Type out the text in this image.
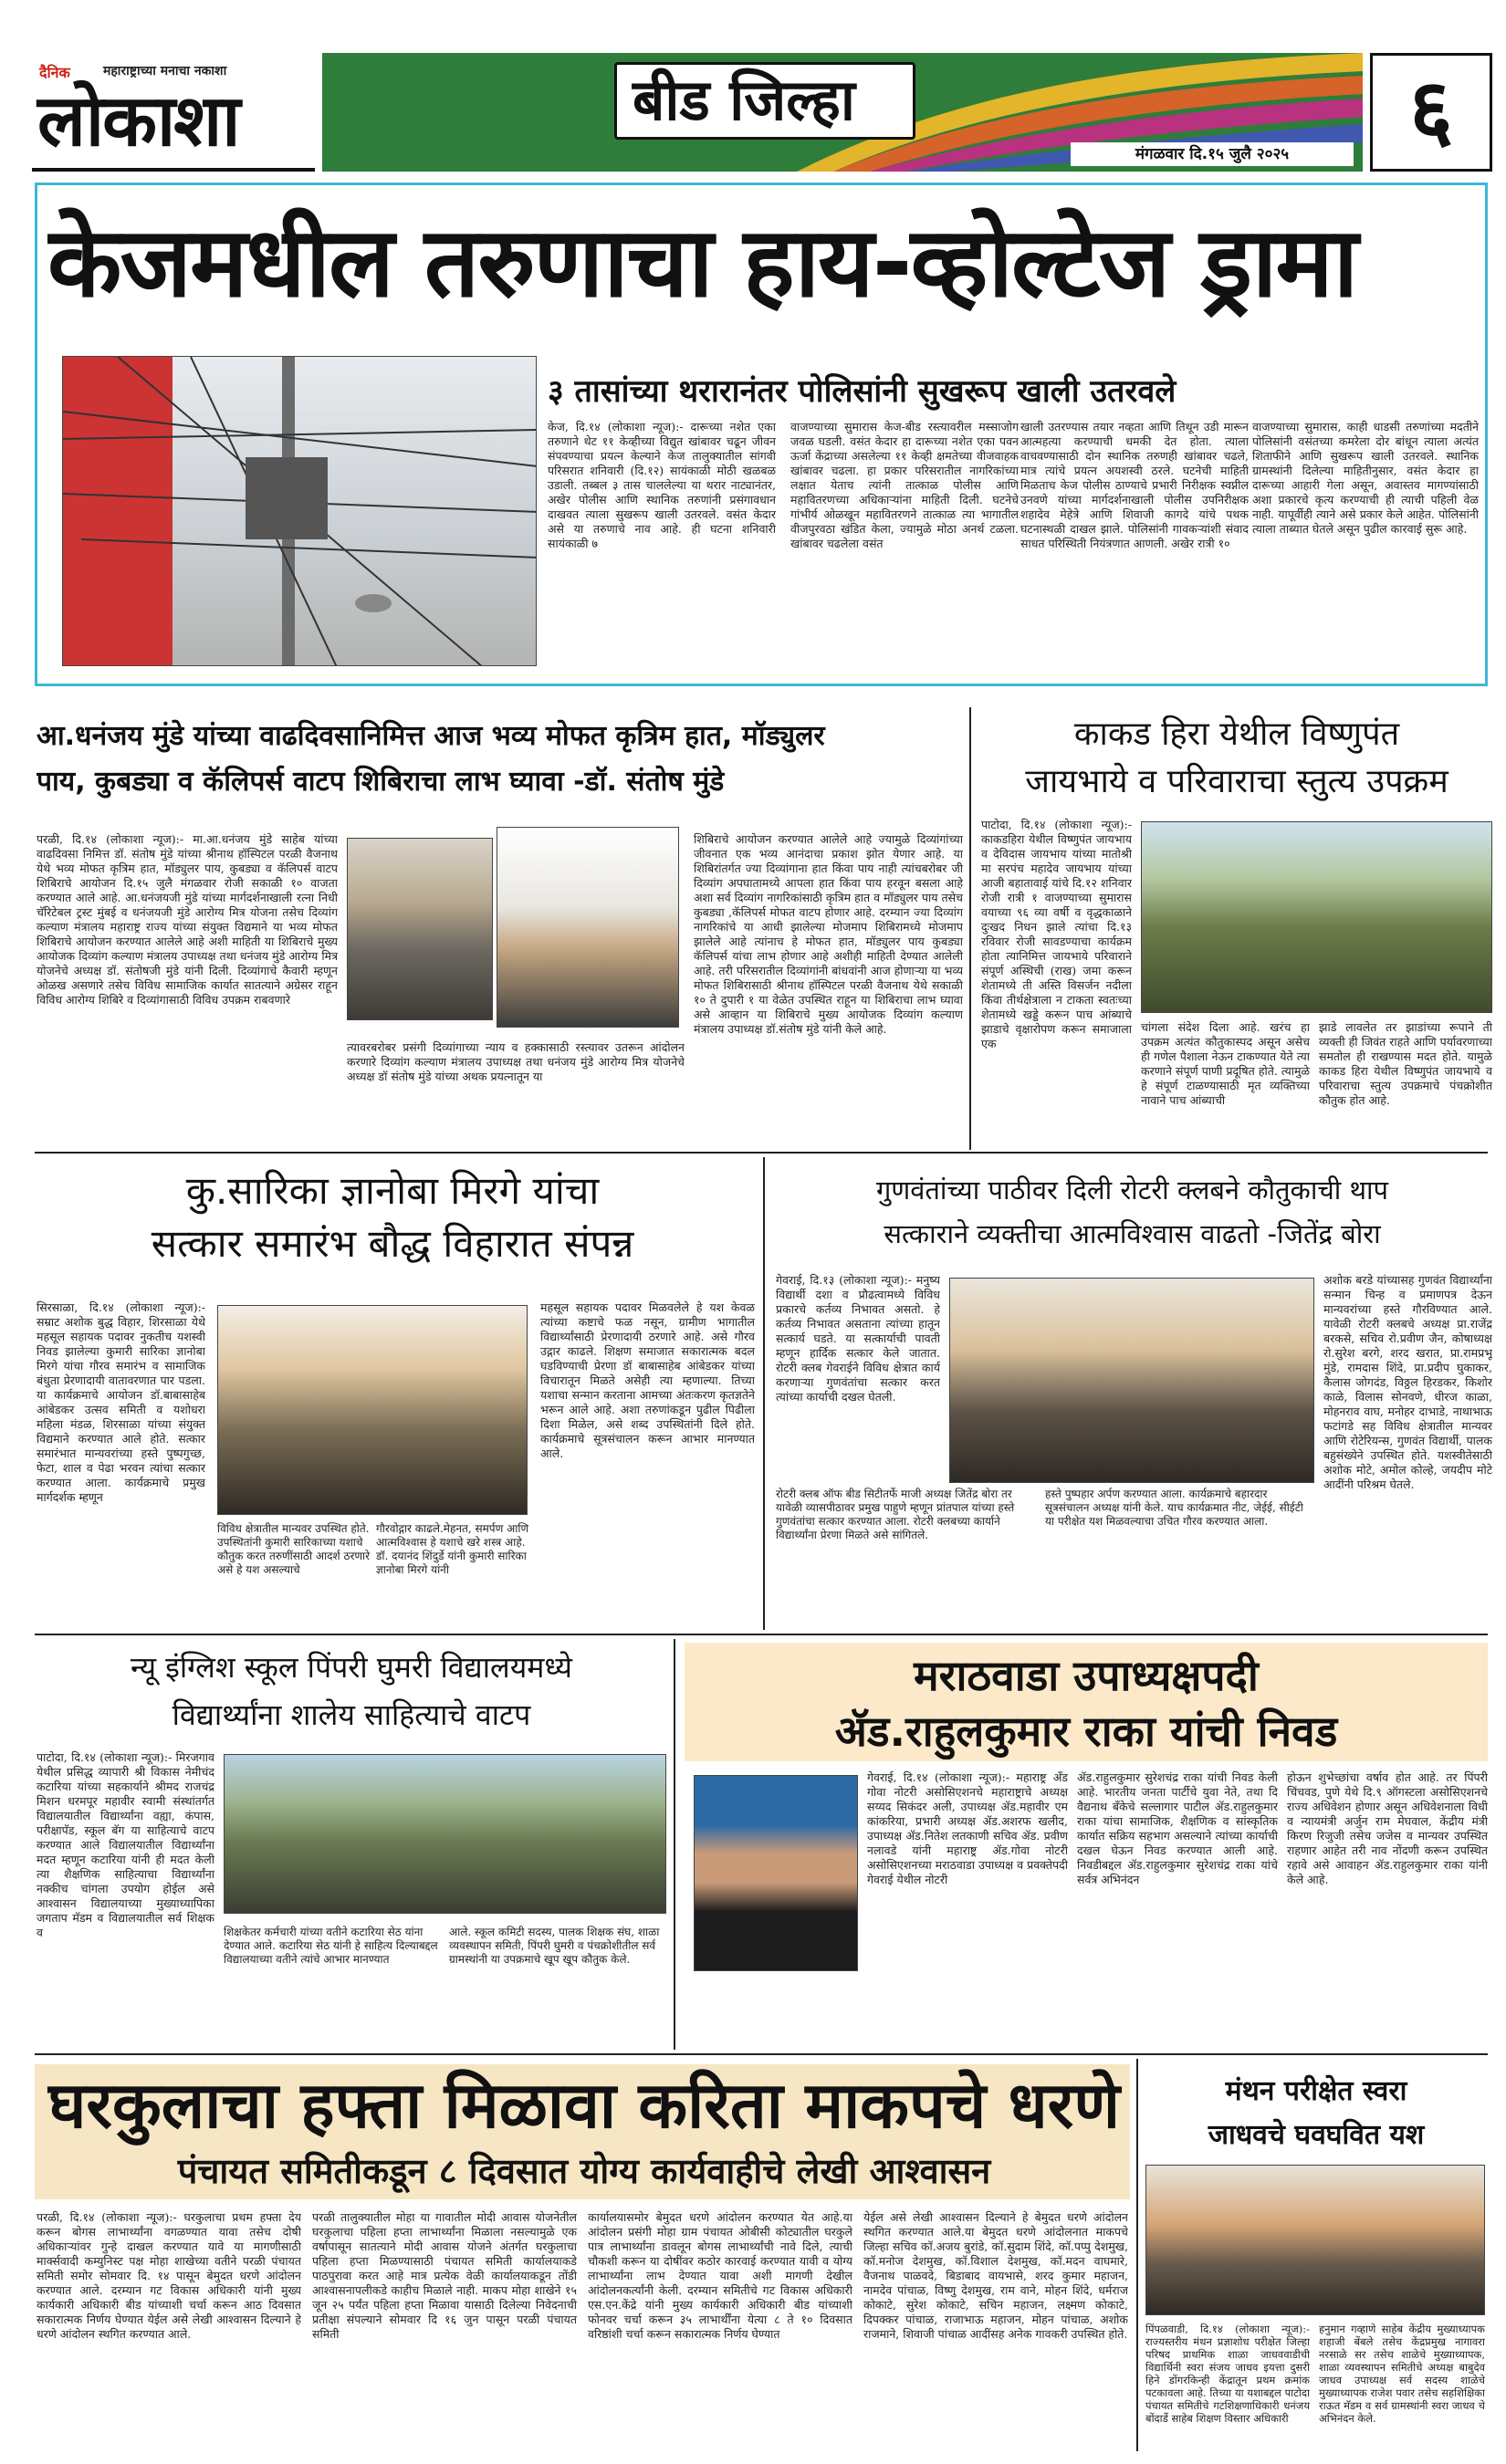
दैनिक	महाराष्ट्राच्या मनाचा नकाशा
लोकाशा	बीड जिल्हा
मंगळवार दि.१५ जुलै २०२५	६
केजमधील तरुणाचा हाय-व्होल्टेज ड्रामा
३ तासांच्या थरारानंतर पोलिसांनी सुखरूप खाली उतरवले
केज, दि.१४ (लोकाशा न्यूज):- दारूच्या नशेत एका तरुणाने थेट ११ केव्हीच्या विद्युत खांबावर चढून जीवन संपवण्याचा प्रयत्न केल्याने केज तालुक्यातील सांगवी परिसरात शनिवारी (दि.१२) सायंकाळी मोठी खळबळ उडाली. तब्बल ३ तास चाललेल्या या थरार नाट्यानंतर, अखेर पोलीस आणि स्थानिक तरुणांनी प्रसंगावधान दाखवत त्याला सुखरूप खाली उतरवले. वसंत केदार असे या तरुणाचे नाव आहे. ही घटना शनिवारी सायंकाळी ७
वाजण्याच्या सुमारास केज-बीड रस्त्यावरील मस्साजोग जवळ घडली. वसंत केदार हा दारूच्या नशेत एका पवन ऊर्जा केंद्राच्या असलेल्या ११ केव्ही क्षमतेच्या वीजवाहक खांबावर चढला. हा प्रकार परिसरातील नागरिकांच्या लक्षात येताच त्यांनी तात्काळ पोलीस आणि महावितरणच्या अधिकाऱ्यांना माहिती दिली. घटनेचे गांभीर्य ओळखून महावितरणने तात्काळ त्या भागातील वीजपुरवठा खंडित केला, ज्यामुळे मोठा अनर्थ टळला. खांबावर चढलेला वसंत
खाली उतरण्यास तयार नव्हता आणि तिथून उडी मारून आत्महत्या करण्याची धमकी देत होता. त्याला वाचवण्यासाठी दोन स्थानिक तरुणही खांबावर चढले, मात्र त्यांचे प्रयत्न अयशस्वी ठरले. घटनेची माहिती मिळताच केज पोलीस ठाण्याचे प्रभारी निरीक्षक स्वप्नील उनवणे यांच्या मार्गदर्शनाखाली पोलीस उपनिरीक्षक शहादेव मेहेत्रे आणि शिवाजी कागदे यांचे पथक घटनास्थळी दाखल झाले. पोलिसांनी गावकऱ्यांशी संवाद साधत परिस्थिती नियंत्रणात आणली. अखेर रात्री १०
वाजण्याच्या सुमारास, काही धाडसी तरुणांच्या मदतीने पोलिसांनी वसंतच्या कमरेला दोर बांधून त्याला अत्यंत शिताफीने आणि सुखरूप खाली उतरवले. स्थानिक ग्रामस्थांनी दिलेल्या माहितीनुसार, वसंत केदार हा दारूच्या आहारी गेला असून, अवास्तव मागण्यांसाठी अशा प्रकारचे कृत्य करण्याची ही त्याची पहिली वेळ नाही. यापूर्वीही त्याने असे प्रकार केले आहेत. पोलिसांनी त्याला ताब्यात घेतले असून पुढील कारवाई सुरू आहे.
आ.धनंजय मुंडे यांच्या वाढदिवसानिमित्त आज भव्य मोफत कृत्रिम हात, मॉड्युलर
पाय, कुबड्या व कॅलिपर्स वाटप शिबिराचा लाभ घ्यावा -डॉ. संतोष मुंडे
परळी, दि.१४ (लोकाशा न्यूज):- मा.आ.धनंजय मुंडे साहेब यांच्या वाढदिवसा निमित्त डॉ. संतोष मुंडे यांच्या श्रीनाथ हॉस्पिटल परळी वैजनाथ येथे भव्य मोफत कृत्रिम हात, मॉड्युलर पाय, कुबड्या व कॅलिपर्स वाटप शिबिराचे आयोजन दि.१५ जुलै मंगळवार रोजी सकाळी १० वाजता करण्यात आले आहे. आ.धनंजयजी मुंडे यांच्या मार्गदर्शनाखाली रत्ना निधी चॅरिटेबल ट्रस्ट मुंबई व धनंजयजी मुंडे आरोग्य मित्र योजना तसेच दिव्यांग कल्याण मंत्रालय महाराष्ट्र राज्य यांच्या संयुक्त विद्यमाने या भव्य मोफत शिबिराचे आयोजन करण्यात आलेले आहे अशी माहिती या शिबिराचे मुख्य आयोजक दिव्यांग कल्याण मंत्रालय उपाध्यक्ष तथा धनंजय मुंडे आरोग्य मित्र योजनेचे अध्यक्ष डॉ. संतोषजी मुंडे यांनी दिली. दिव्यांगाचे कैवारी म्हणून ओळख असणारे तसेच विविध सामाजिक कार्यात सातत्याने अग्रेसर राहून विविध आरोग्य शिबिरे व दिव्यांगासाठी विविध उपक्रम राबवणारे
त्यावरबरोबर प्रसंगी दिव्यांगाच्या न्याय व हक्कासाठी रस्त्यावर उतरून आंदोलन करणारे दिव्यांग कल्याण मंत्रालय उपाध्यक्ष तथा धनंजय मुंडे आरोग्य मित्र योजनेचे अध्यक्ष डॉ संतोष मुंडे यांच्या अथक प्रयत्नातून या
शिबिराचे आयोजन करण्यात आलेले आहे ज्यामुळे दिव्यांगांच्या जीवनात एक भव्य आनंदाचा प्रकाश झोत येणार आहे. या शिबिरांतर्गत ज्या दिव्यांगाना हात किंवा पाय नाही त्यांचबरोबर जी दिव्यांग अपघातामध्ये आपला हात किंवा पाय हरवून बसला आहे अशा सर्व दिव्यांग नागरिकांसाठी कृत्रिम हात व मॉड्युलर पाय तसेच कुबड्या ,कॅलिपर्स मोफत वाटप होणार आहे. दरम्यान ज्या दिव्यांग नागरिकांचे या आधी झालेल्या मोजमाप शिबिरामध्ये मोजमाप झालेले आहे त्यांनाच हे मोफत हात, मॉड्युलर पाय कुबड्या कॅलिपर्स यांचा लाभ होणार आहे अशीही माहिती देण्यात आलेली आहे. तरी परिसरातील दिव्यांगांनी बांधवांनी आज होणाऱ्या या भव्य मोफत शिबिरासाठी श्रीनाथ हॉस्पिटल परळी वैजनाथ येथे सकाळी १० ते दुपारी १ या वेळेत उपस्थित राहून या शिबिराचा लाभ घ्यावा असे आव्हान या शिबिराचे मुख्य आयोजक दिव्यांग कल्याण मंत्रालय उपाध्यक्ष डॉ.संतोष मुंडे यांनी केले आहे.
काकड हिरा येथील विष्णुपंत
जायभाये व परिवाराचा स्तुत्य उपक्रम
पाटोदा, दि.१४ (लोकाशा न्यूज):- काकडहिरा येथील विष्णुपंत जायभाय व देविदास जायभाय यांच्या मातोश्री मा सरपंच महादेव जायभाय यांच्या आजी बहातावाई यांचे दि.१२ शनिवार रोजी रात्री १ वाजण्याच्या सुमारास वयाच्या ९६ व्या वर्षी व वृद्धकाळाने दुःखद निधन झाले त्यांचा दि.१३ रविवार रोजी सावडण्याचा कार्यक्रम होता त्यानिमित्त जायभाये परिवाराने संपूर्ण अस्थिची (राख) जमा करून शेतामध्ये ती अस्ति विसर्जन नदीला किंवा तीर्थक्षेत्राला न टाकता स्वतःच्या शेतामध्ये खड्डे करून पाच आंब्याचे झाडाचे वृक्षारोपण करून समाजाला एक
चांगला संदेश दिला आहे. खरंच हा उपक्रम अत्यंत कौतुकास्पद असून असेच ही गणेल पैशाला नेऊन टाकण्यात येते त्या करणाने संपूर्ण पाणी प्रदूषित होते. त्यामुळे हे संपूर्ण टाळण्यासाठी मृत व्यक्तिच्या नावाने पाच आंब्याची
झाडे लावलेत तर झाडांच्या रूपाने ती व्यक्ती ही जिवंत राहते आणि पर्यावरणाच्या समतोल ही राखण्यास मदत होते. यामुळे काकड हिरा येथील विष्णुपंत जायभाये व परिवाराचा स्तुत्य उपक्रमाचे पंचक्रोशीत कौतुक होत आहे.
कु.सारिका ज्ञानोबा मिरगे यांचा
सत्कार समारंभ बौद्ध विहारात संपन्न
सिरसाळा, दि.१४ (लोकाशा न्यूज):- सम्राट अशोक बुद्ध विहार, शिरसाळा येथे महसूल सहायक पदावर नुकतीच यशस्वी निवड झालेल्या कुमारी सारिका ज्ञानोबा मिरगे यांचा गौरव समारंभ व सामाजिक बंधुता प्रेरणादायी वातावरणात पार पडला. या कार्यक्रमाचे आयोजन डॉ.बाबासाहेब आंबेडकर उत्सव समिती व यशोधरा महिला मंडळ, शिरसाळा यांच्या संयुक्त विद्यमाने करण्यात आले होते. सत्कार समारंभात मान्यवरांच्या हस्ते पुष्पगुच्छ, फेटा, शाल व पेढा भरवन त्यांचा सत्कार करण्यात आला. कार्यक्रमाचे प्रमुख मार्गदर्शक म्हणून
विविध क्षेत्रातील मान्यवर उपस्थित होते. उपस्थितांनी कुमारी सारिकाच्या यशाचे कौतुक करत तरुणींसाठी आदर्श ठरणारे असे हे यश असल्याचे
गौरवोद्गार काढले.मेहनत, समर्पण आणि आत्मविश्वास हे यशाचे खरे शस्त्र आहे. डॉ. दयानंद शिंदुर्डे यांनी कुमारी सारिका ज्ञानोबा मिरगे यांनी
महसूल सहायक पदावर मिळवलेले हे यश केवळ त्यांच्या कष्टाचे फळ नसून, ग्रामीण भागातील विद्यार्थ्यांसाठी प्रेरणादायी ठरणारे आहे. असे गौरव उद्गार काढले. शिक्षण समाजात सकारात्मक बदल घडविण्याची प्रेरणा डॉ बाबासाहेब आंबेडकर यांच्या विचारातून मिळते असेही त्या म्हणाल्या. तिच्या यशाचा सन्मान करताना आमच्या अंतःकरण कृतज्ञतेने भरून आले आहे. अशा तरुणांकडून पुढील पिढीला दिशा मिळेल, असे शब्द उपस्थितांनी दिले होते. कार्यक्रमाचे सूत्रसंचालन करून आभार मानण्यात आले.
गुणवंतांच्या पाठीवर दिली रोटरी क्लबने कौतुकाची थाप
सत्काराने व्यक्तीचा आत्मविश्वास वाढतो -जितेंद्र बोरा
गेवराई, दि.१३ (लोकाशा न्यूज):- मनुष्य विद्यार्थी दशा व प्रौढत्वामध्ये विविध प्रकारचे कर्तव्य निभावत असतो. हे कर्तव्य निभावत असताना त्यांच्या हातून सत्कार्य घडते. या सत्कार्याची पावती म्हणून हार्दिक सत्कार केले जातात. रोटरी क्लब गेवराईने विविध क्षेत्रात कार्य करणाऱ्या गुणवंतांचा सत्कार करत त्यांच्या कार्याची दखल घेतली.
अशोक बरडे यांच्यासह गुणवंत विद्यार्थ्यांना सन्मान चिन्ह व प्रमाणपत्र देऊन मान्यवरांच्या हस्ते गौरविण्यात आले. यावेळी रोटरी क्लबचे अध्यक्ष प्रा.राजेंद्र बरकसे, सचिव रो.प्रवीण जैन, कोषाध्यक्ष रो.सुरेश बरगे, शरद खरात, प्रा.रामप्रभू मुंडे, रामदास शिंदे, प्रा.प्रदीप घुकाकर, कैलास जोगदंड, विठ्ठल हिरडकर, किशोर काळे, विलास सोनवणे, धीरज काळा, मोहनराव वाघ, मनोहर दाभाडे, नाथाभाऊ फटांगडे सह विविध क्षेत्रातील मान्यवर आणि रोटेरियन्स, गुणवंत विद्यार्थी, पालक बहुसंख्येने उपस्थित होते. यशस्वीतेसाठी अशोक मोटे, अमोल कोल्हे, जयदीप मोटे आदींनी परिश्रम घेतले.
रोटरी क्लब ऑफ बीड सिटीतर्फे माजी अध्यक्ष जितेंद्र बोरा तर यावेळी व्यासपीठावर प्रमुख पाहुणे म्हणून प्रांतपाल यांच्या हस्ते गुणवंतांचा सत्कार करण्यात आला. रोटरी क्लबच्या कार्याने विद्यार्थ्यांना प्रेरणा मिळते असे सांगितले.
हस्ते पुष्पहार अर्पण करण्यात आला. कार्यक्रमाचे बहारदार सूत्रसंचालन अध्यक्ष यांनी केले. याच कार्यक्रमात नीट, जेईई, सीईटी या परीक्षेत यश मिळवल्याचा उचित गौरव करण्यात आला.
न्यू इंग्लिश स्कूल पिंपरी घुमरी विद्यालयमध्ये
विद्यार्थ्यांना शालेय साहित्याचे वाटप
पाटोदा, दि.१४ (लोकाशा न्यूज):- मिरजगाव येथील प्रसिद्ध व्यापारी श्री विकास नेमीचंद कटारिया यांच्या सहकार्याने श्रीमद राजचंद्र मिशन धरमपूर महावीर स्वामी संस्थांतर्गत विद्यालयातील विद्यार्थ्यांना वह्या, कंपास, परीक्षापॅड, स्कूल बॅग या साहित्याचे वाटप करण्यात आले विद्यालयातील विद्यार्थ्यांना मदत म्हणून कटारिया यांनी ही मदत केली त्या शैक्षणिक साहित्याचा विद्यार्थ्यांना नक्कीच चांगला उपयोग होईल असे आश्वासन विद्यालयाच्या मुख्याध्यापिका जगताप मॅडम व विद्यालयातील सर्व शिक्षक व	शिक्षकेतर कर्मचारी यांच्या वतीने कटारिया सेठ यांना देण्यात आले. कटारिया सेठ यांनी हे साहित्य दिल्याबद्दल विद्यालयाच्या वतीने त्यांचे आभार मानण्यात
आले. स्कूल कमिटी सदस्य, पालक शिक्षक संघ, शाळा व्यवस्थापन समिती, पिंपरी घुमरी व पंचक्रोशीतील सर्व ग्रामस्थांनी या उपक्रमाचे खूप खूप कौतुक केले.
मराठवाडा उपाध्यक्षपदी
ॲड.राहुलकुमार राका यांची निवड
गेवराई, दि.१४ (लोकाशा न्यूज):- महाराष्ट्र अँड गोवा नोटरी असोसिएशनचे महाराष्ट्राचे अध्यक्ष सय्यद सिकंदर अली, उपाध्यक्ष ॲड.महावीर एम कांकरिया, प्रभारी अध्यक्ष ॲड.अशरफ खलीद, उपाध्यक्ष ॲड.नितेश लतकाणी सचिव ॲड. प्रवीण नलावडे यांनी महाराष्ट्र ॲड.गोवा नोटरी असोसिएशनच्या मराठवाडा उपाध्यक्ष व प्रवक्तेपदी गेवराई येथील नोटरी
ॲड.राहुलकुमार सुरेशचंद्र राका यांची निवड केली आहे. भारतीय जनता पार्टीचे युवा नेते, तथा दि वैद्यनाथ बँकेचे सल्लागार पाटील ॲड.राहुलकुमार राका यांचा सामाजिक, शैक्षणिक व सांस्कृतिक कार्यात सक्रिय सहभाग असल्याने त्यांच्या कार्याची दखल घेऊन निवड करण्यात आली आहे. निवडीबद्दल ॲड.राहुलकुमार सुरेशचंद्र राका यांचे सर्वत्र अभिनंदन
होऊन शुभेच्छांचा वर्षाव होत आहे. तर पिंपरी चिंचवड, पुणे येथे दि.९ ऑगस्टला असोसिएशनचे राज्य अधिवेशन होणार असून अधिवेशनाला विधी व न्यायमंत्री अर्जुन राम मेघवाल, केंद्रीय मंत्री किरण रिजुजी तसेच जजेस व मान्यवर उपस्थित राहणार आहेत तरी नाव नोंदणी करून उपस्थित रहावे असे आवाहन ॲड.राहुलकुमार राका यांनी केले आहे.
घरकुलाचा हफ्ता मिळावा करिता माकपचे धरणे
पंचायत समितीकडून ८ दिवसात योग्य कार्यवाहीचे लेखी आश्वासन
परळी, दि.१४ (लोकाशा न्यूज):- घरकुलाचा प्रथम हफ्ता देय करून बोगस लाभार्थ्यांना वगळण्यात यावा तसेच दोषी अधिकाऱ्यांवर गुन्हे दाखल करण्यात यावे या मागणीसाठी मार्क्सवादी कम्युनिस्ट पक्ष मोहा शाखेच्या वतीने परळी पंचायत समिती समोर सोमवार दि. १४ पासून बेमुदत धरणे आंदोलन करण्यात आले. दरम्यान गट विकास अधिकारी यांनी मुख्य कार्यकारी अधिकारी बीड यांच्याशी चर्चा करून आठ दिवसात सकारात्मक निर्णय घेण्यात येईल असे लेखी आश्वासन दिल्याने हे धरणे आंदोलन स्थगित करण्यात आले.
परळी तालुक्यातील मोहा या गावातील मोदी आवास योजनेतील घरकुलाचा पहिला हप्ता लाभार्थ्यांना मिळाला नसल्यामुळे एक वर्षापासून सातत्याने मोदी आवास योजने अंतर्गत घरकुलाचा पहिला हप्ता मिळण्यासाठी पंचायत समिती कार्यालयाकडे पाठपुरावा करत आहे मात्र प्रत्येक वेळी कार्यालयाकडून तोंडी आश्वासनापलीकडे काहीच मिळाले नाही. माकप मोहा शाखेने १५ जून २५ पर्यंत पहिला हप्ता मिळावा यासाठी दिलेल्या निवेदनाची प्रतीक्षा संपल्याने सोमवार दि १६ जुन पासून परळी पंचायत समिती
कार्यालयासमोर बेमुदत धरणे आंदोलन करण्यात येत आहे.या आंदोलन प्रसंगी मोहा ग्राम पंचायत ओबीसी कोट्यातील घरकुले पात्र लाभार्थ्यांना डावलून बोगस लाभार्थ्यांची नावे दिले, त्याची चौकशी करून या दोषींवर कठोर कारवाई करण्यात यावी व योग्य लाभार्थ्यांना लाभ देण्यात यावा अशी मागणी देखील आंदोलनकर्त्यांनी केली. दरम्यान समितीचे गट विकास अधिकारी एस.एन.केंद्रे यांनी मुख्य कार्यकारी अधिकारी बीड यांच्याशी फोनवर चर्चा करून ३५ लाभार्थींना येत्या ८ ते १० दिवसात वरिष्ठांशी चर्चा करून सकारात्मक निर्णय घेण्यात
येईल असे लेखी आश्वासन दिल्याने हे बेमुदत धरणे आंदोलन स्थगित करण्यात आले.या बेमुदत धरणे आंदोलनात माकपचे जिल्हा सचिव कॉ.अजय बुरांडे, कॉ.सुदाम शिंदे, कॉ.पप्पु देशमुख, कॉ.मनोज देशमुख, कॉ.विशाल देशमुख, कॉ.मदन वाघमारे, वैजनाथ पाळवदे, बिडाबाद वायभासे, शरद कुमार महाजन, नामदेव पांचाळ, विष्णु देशमुख, राम वाने, मोहन शिंदे, धर्मराज कोकाटे, सुरेश कोकाटे, सचिन महाजन, लक्ष्मण कोकाटे, दिपक्कर पांचाळ, राजाभाऊ महाजन, मोहन पांचाळ, अशोक राजमाने, शिवाजी पांचाळ आदींसह अनेक गावकरी उपस्थित होते.
मंथन परीक्षेत स्वरा
जाधवचे घवघवित यश
पिंपळवाडी, दि.१४ (लोकाशा न्यूज):- राज्यस्तरीय मंथन प्रज्ञाशोध परीक्षेत जिल्हा परिषद प्राथमिक शाळा जाधववाडीची विद्यार्थिनी स्वरा संजय जाधव इयत्ता दुसरी हिने डोंगरकिन्ही केंद्रातून प्रथम क्रमांक पटकावला आहे. तिच्या या यशाबद्दल पाटोदा पंचायत समितीचे गटशिक्षणाधिकारी धनंजय बोंदार्डे साहेब शिक्षण विस्तार अधिकारी
हनुमान गव्हाणे साहेब केंद्रीय मुख्याध्यापक शहाजी बेंबले तसेच केंद्रप्रमुख नागावरा नरसाळे सर तसेच शाळेचे मुख्याध्यापक, शाळा व्यवस्थापन समितीचे अध्यक्ष बाबुदेव जाधव उपाध्यक्ष सर्व सदस्य शाळेचे मुख्याध्यापक राजेश पवार तसेच सहशिक्षिका राऊत मॅडम व सर्व ग्रामस्थांनी स्वरा जाधव चे अभिनंदन केले.
